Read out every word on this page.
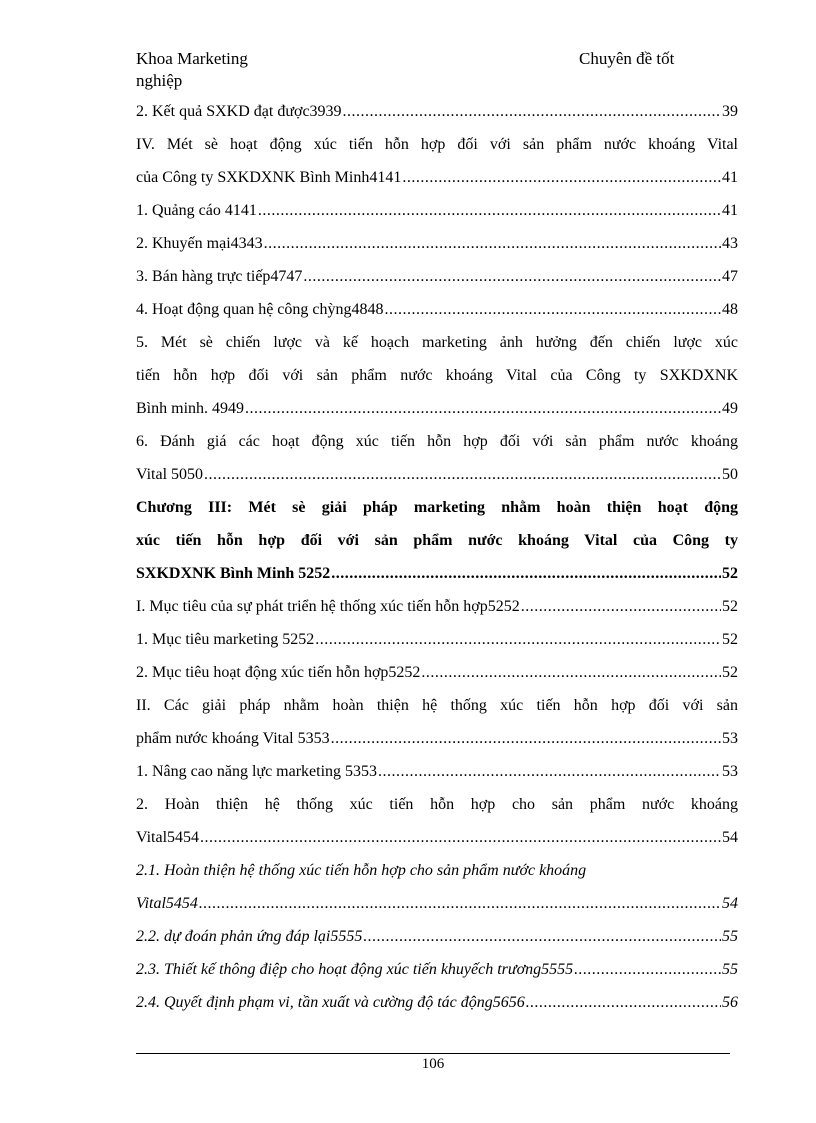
Khoa Marketing	Chuyên đề tốt
nghiệp
2. Kết quả SXKD đạt được3939 .....	39
IV. Mét sè hoạt động xúc tiến hỗn hợp đối với sản phẩm nước khoáng Vital
của Công ty SXKDXNK Bình Minh4141 .....	41
1. Quảng cáo 4141 .....	41
2. Khuyến mại4343 .....	43
3. Bán hàng trực tiếp4747 .....	47
4. Hoạt động quan hệ công chỳng4848 .....	48
5. Mét sè chiến lược và kế hoạch marketing ảnh hưởng đến chiến lược xúc
tiến hỗn hợp đối với sản phẩm nước khoáng Vital của Công ty SXKDXNK
Bình minh. 4949 .....	49
6. Đánh giá các hoạt động xúc tiến hỗn hợp đối với sản phẩm nước khoáng
Vital 5050 .....	50
Chương III: Mét sè giải pháp marketing nhằm hoàn thiện hoạt động
xúc tiến hỗn hợp đối với sản phẩm nước khoáng Vital của Công ty
SXKDXNK Bình Minh 5252 .....	52
I. Mục tiêu của sự phát triển hệ thống xúc tiến hỗn hợp5252 .....	52
1. Mục tiêu marketing 5252 .....	52
2. Mục tiêu hoạt động xúc tiến hỗn hợp5252 .....	52
II. Các giải pháp nhằm hoàn thiện hệ thống xúc tiến hỗn hợp đối với sản
phẩm nước khoáng Vital 5353 .....	53
1. Nâng cao năng lực marketing 5353 .....	53
2. Hoàn thiện hệ thống xúc tiến hỗn hợp cho sản phẩm nước khoáng
Vital5454 .....	54
2.1. Hoàn thiện hệ thống xúc tiến hỗn hợp cho sản phẩm nước khoáng
Vital5454 .....	54
2.2. dự đoán phản ứng đáp lại5555 .....	55
2.3. Thiết kế thông điệp cho hoạt động xúc tiến khuyếch trương5555 .....	55
2.4. Quyết định phạm vi, tần xuất và cường độ tác động5656 .....	56
106
